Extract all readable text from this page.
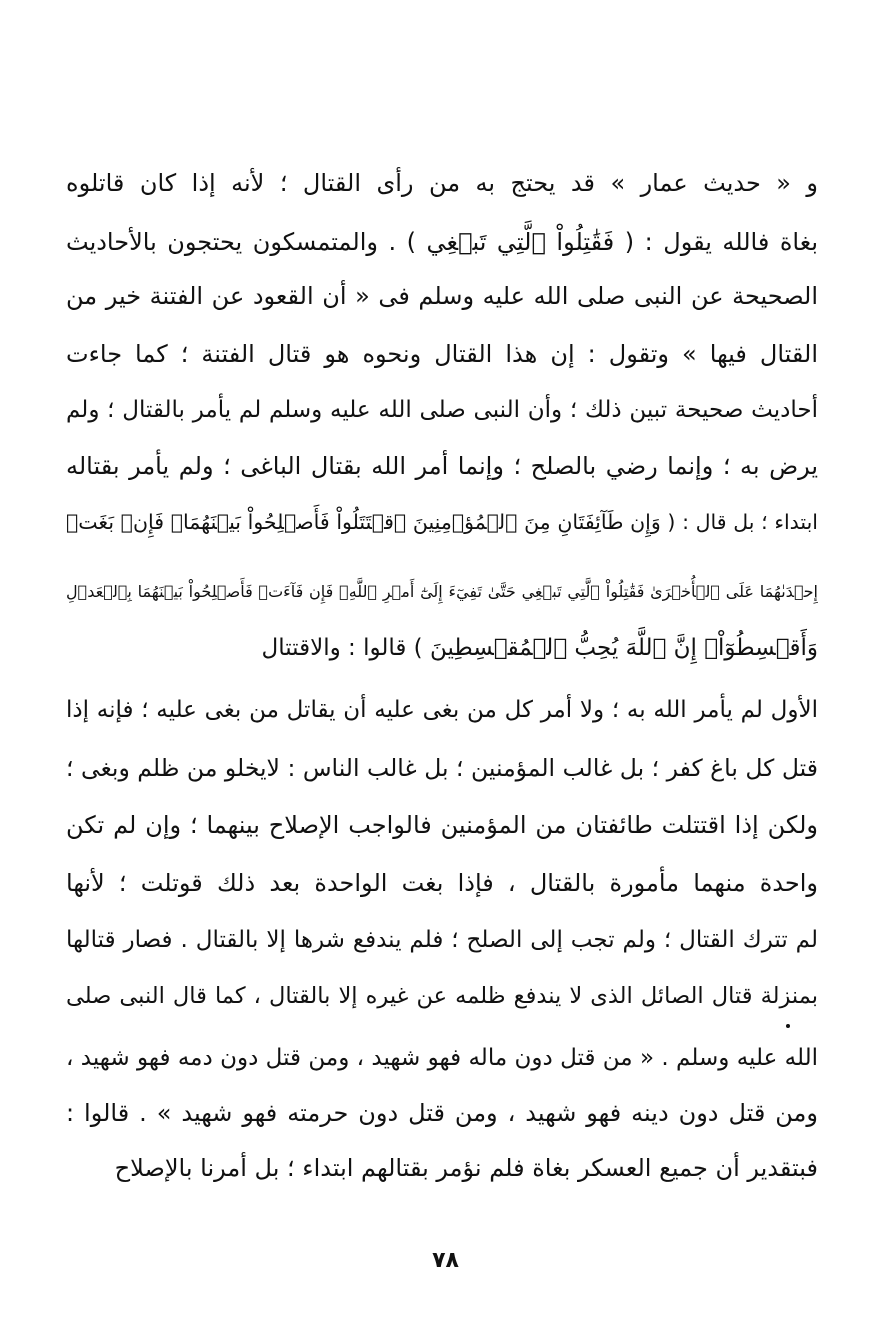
و « حديث عمار » قد يحتج به من رأى القتال ؛ لأنه إذا كان قاتلوه
بغاة فالله يقول : ( فَقَٰتِلُواْ ٱلَّتِي تَبۡغِي ) . والمتمسكون يحتجون بالأحاديث
الصحيحة عن النبى صلى الله عليه وسلم فى « أن القعود عن الفتنة خير من
القتال فيها » وتقول : إن هذا القتال ونحوه هو قتال الفتنة ؛ كما جاءت
أحاديث صحيحة تبين ذلك ؛ وأن النبى صلى الله عليه وسلم لم يأمر بالقتال ؛ ولم
يرض به ؛ وإنما رضي بالصلح ؛ وإنما أمر الله بقتال الباغى ؛ ولم يأمر بقتاله
ابتداء ؛ بل قال : ( وَإِن طَآئِفَتَانِ مِنَ ٱلۡمُؤۡمِنِينَ ٱقۡتَتَلُواْ فَأَصۡلِحُواْ بَيۡنَهُمَاۖ فَإِنۢ بَغَتۡ
إِحۡدَىٰهُمَا عَلَى ٱلۡأُخۡرَىٰ فَقَٰتِلُواْ ٱلَّتِي تَبۡغِي حَتَّىٰ تَفِيٓءَ إِلَىٰٓ أَمۡرِ ٱللَّهِۚ فَإِن فَآءَتۡ فَأَصۡلِحُواْ بَيۡنَهُمَا بِٱلۡعَدۡلِ
وَأَقۡسِطُوٓاْۖ إِنَّ ٱللَّهَ يُحِبُّ ٱلۡمُقۡسِطِينَ ) قالوا : والاقتتال
الأول لم يأمر الله به ؛ ولا أمر كل من بغى عليه أن يقاتل من بغى عليه ؛ فإنه إذا
قتل كل باغ كفر ؛ بل غالب المؤمنين ؛ بل غالب الناس : لايخلو من ظلم وبغى ؛
ولكن إذا اقتتلت طائفتان من المؤمنين فالواجب الإصلاح بينهما ؛ وإن لم تكن
واحدة منهما مأمورة بالقتال ، فإذا بغت الواحدة بعد ذلك قوتلت ؛ لأنها
لم تترك القتال ؛ ولم تجب إلى الصلح ؛ فلم يندفع شرها إلا بالقتال . فصار قتالها
بمنزلة قتال الصائل الذى لا يندفع ظلمه عن غيره إلا بالقتال ، كما قال النبى صلى
الله عليه وسلم . « من قتل دون ماله فهو شهيد ، ومن قتل دون دمه فهو شهيد ،
ومن قتل دون دينه فهو شهيد ، ومن قتل دون حرمته فهو شهيد » . قالوا :
فبتقدير أن جميع العسكر بغاة فلم نؤمر بقتالهم ابتداء ؛ بل أمرنا بالإصلاح
٧٨
